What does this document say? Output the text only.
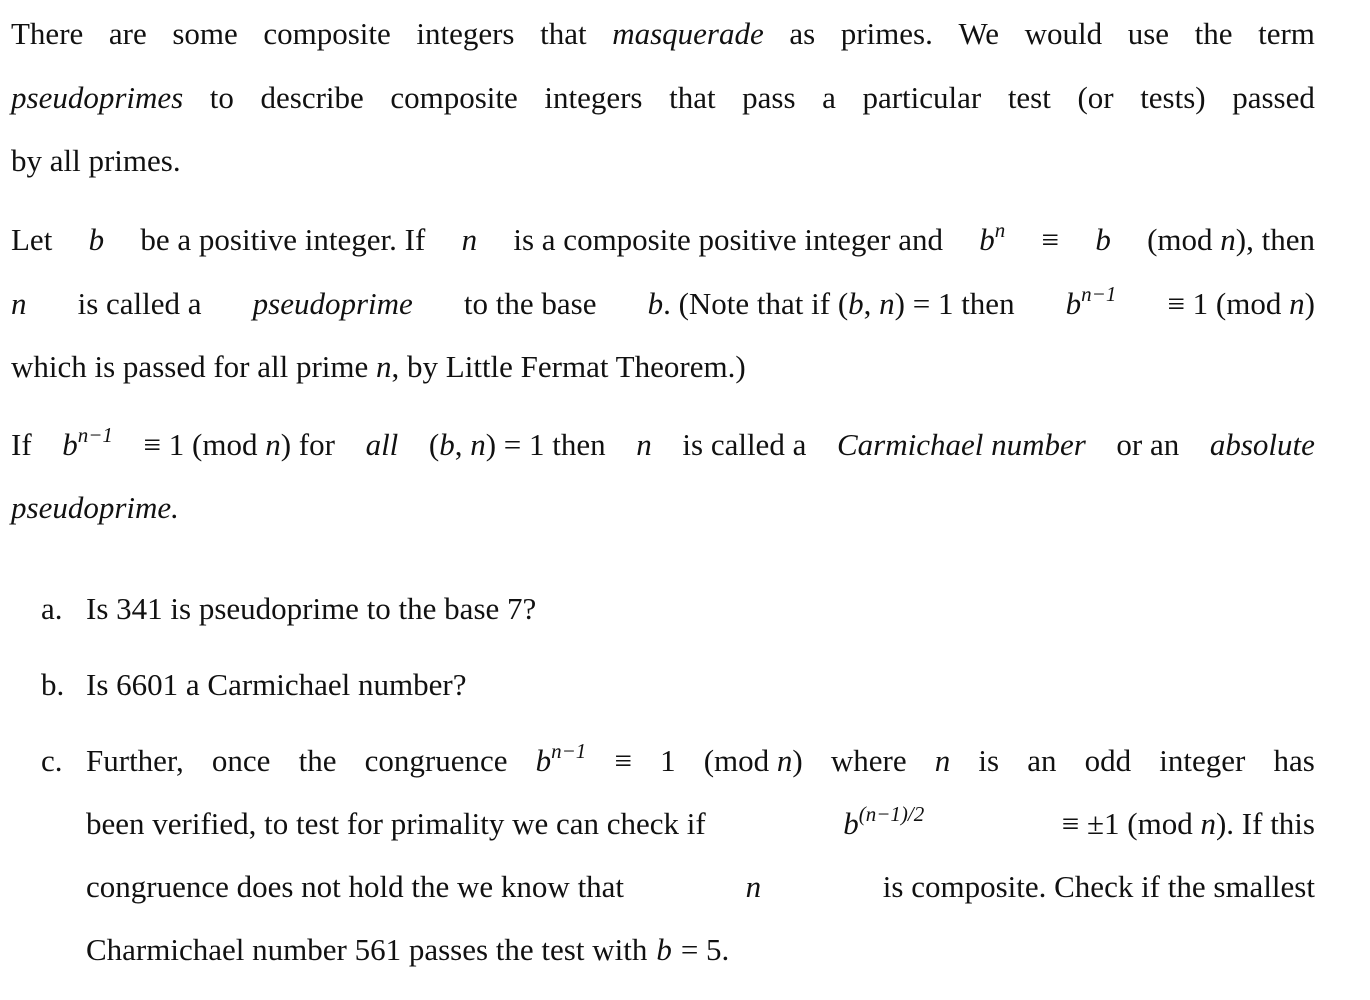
There are some composite integers that masquerade as primes. We would use the term
pseudoprimes to describe composite integers that pass a particular test (or tests) passed
by all primes.
Let b be a positive integer. If n is a composite positive integer and $b^n \equiv b$ (mod n), then
n is called a pseudoprime to the base b. (Note that if (b, n) = 1 then $b^{n-1} \equiv 1$ (mod n)
which is passed for all prime n, by Little Fermat Theorem.)
If $b^{n-1} \equiv 1$ (mod n) for all (b, n) = 1 then n is called a Carmichael number or an absolute
pseudoprime.
a. Is 341 is pseudoprime to the base 7?
b. Is 6601 a Carmichael number?
c. Further, once the congruence $b^{n-1} \equiv 1$ (mod n) where n is an odd integer has
been verified, to test for primality we can check if	$b^{(n-1)/2}$	≡ ±1 (mod n). If this
congruence does not hold the we know that	n	is composite. Check if the smallest
Charmichael number 561 passes the test with b = 5.
